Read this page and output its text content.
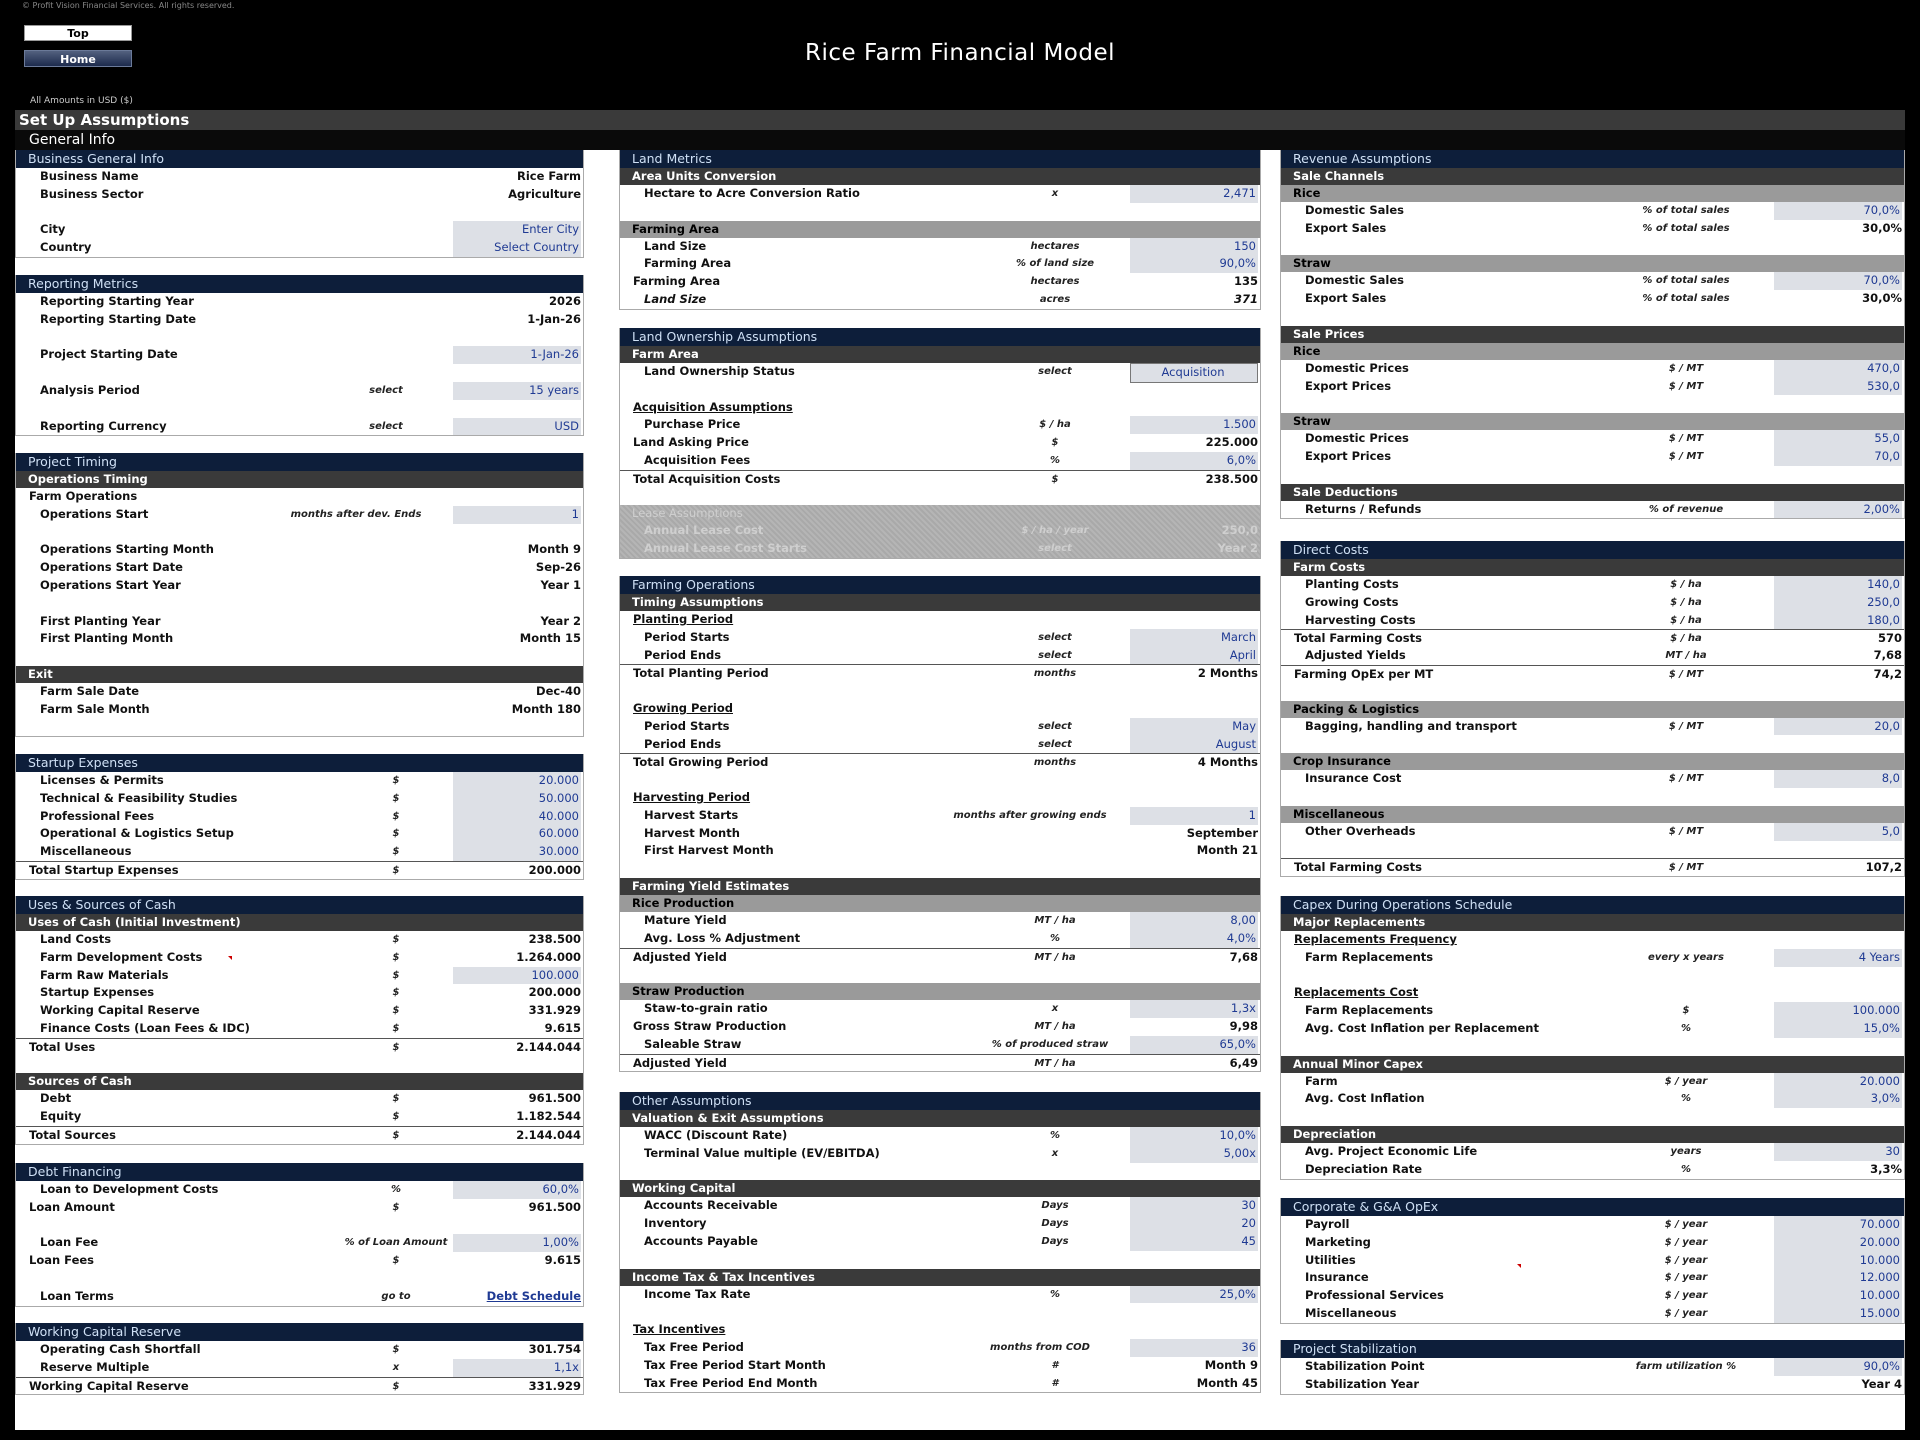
© Profit Vision Financial Services. All rights reserved.
Top
Home	Rice Farm Financial Model
All Amounts in USD ($)
Set Up Assumptions
General Info
Business General Info
Business Name	Rice Farm
Business Sector	Agriculture
City	Enter City
Country	Select Country
Reporting Metrics
Reporting Starting Year	2026
Reporting Starting Date	1-Jan-26
Project Starting Date	1-Jan-26
Analysis Period	select	15 years
Reporting Currency	select	USD
Project Timing
Operations Timing
Farm Operations
Operations Start	months after dev. Ends	1
Operations Starting Month	Month 9
Operations Start Date	Sep-26
Operations Start Year	Year 1
First Planting Year	Year 2
First Planting Month	Month 15
Exit
Farm Sale Date	Dec-40
Farm Sale Month	Month 180
Startup Expenses
Licenses & Permits	$	20.000
Technical & Feasibility Studies	$	50.000
Professional Fees	$	40.000
Operational & Logistics Setup	$	60.000
Miscellaneous	$	30.000
Total Startup Expenses	$	200.000
Uses & Sources of Cash
Uses of Cash (Initial Investment)
Land Costs	$	238.500
Farm Development Costs	$	1.264.000
Farm Raw Materials	$	100.000
Startup Expenses	$	200.000
Working Capital Reserve	$	331.929
Finance Costs (Loan Fees & IDC)	$	9.615
Total Uses	$	2.144.044
Sources of Cash
Debt	$	961.500
Equity	$	1.182.544
Total Sources	$	2.144.044
Debt Financing
Loan to Development Costs	%	60,0%
Loan Amount	$	961.500
Loan Fee	% of Loan Amount	1,00%
Loan Fees	$	9.615
Loan Terms	go to	Debt Schedule
Working Capital Reserve
Operating Cash Shortfall	$	301.754
Reserve Multiple	x	1,1x
Working Capital Reserve	$	331.929
Land Metrics
Area Units Conversion
Hectare to Acre Conversion Ratio	x	2,471
Farming Area
Land Size	hectares	150
Farming Area	% of land size	90,0%
Farming Area	hectares	135
Land Size	acres	371
Land Ownership Assumptions
Farm Area
Land Ownership Status	select	Acquisition
Acquisition Assumptions
Purchase Price	$ / ha	1.500
Land Asking Price	$	225.000
Acquisition Fees	%	6,0%
Total Acquisition Costs	$	238.500
Lease Assumptions
Annual Lease Cost	$ / ha / year	250,0
Annual Lease Cost Starts	select	Year 2
Farming Operations
Timing Assumptions
Planting Period
Period Starts	select	March
Period Ends	select	April
Total Planting Period	months	2 Months
Growing Period
Period Starts	select	May
Period Ends	select	August
Total Growing Period	months	4 Months
Harvesting Period
Harvest Starts	months after growing ends	1
Harvest Month	September
First Harvest Month	Month 21
Farming Yield Estimates
Rice Production
Mature Yield	MT / ha	8,00
Avg. Loss % Adjustment	%	4,0%
Adjusted Yield	MT / ha	7,68
Straw Production
Staw-to-grain ratio	x	1,3x
Gross Straw Production	MT / ha	9,98
Saleable Straw	% of produced straw	65,0%
Adjusted Yield	MT / ha	6,49
Other Assumptions
Valuation & Exit Assumptions
WACC (Discount Rate)	%	10,0%
Terminal Value multiple (EV/EBITDA)	x	5,00x
Working Capital
Accounts Receivable	Days	30
Inventory	Days	20
Accounts Payable	Days	45
Income Tax & Tax Incentives
Income Tax Rate	%	25,0%
Tax Incentives
Tax Free Period	months from COD	36
Tax Free Period Start Month	#	Month 9
Tax Free Period End Month	#	Month 45
Revenue Assumptions
Sale Channels
Rice
Domestic Sales	% of total sales	70,0%
Export Sales	% of total sales	30,0%
Straw
Domestic Sales	% of total sales	70,0%
Export Sales	% of total sales	30,0%
Sale Prices
Rice
Domestic Prices	$ / MT	470,0
Export Prices	$ / MT	530,0
Straw
Domestic Prices	$ / MT	55,0
Export Prices	$ / MT	70,0
Sale Deductions
Returns / Refunds	% of revenue	2,00%
Direct Costs
Farm Costs
Planting Costs	$ / ha	140,0
Growing Costs	$ / ha	250,0
Harvesting Costs	$ / ha	180,0
Total Farming Costs	$ / ha	570
Adjusted Yields	MT / ha	7,68
Farming OpEx per MT	$ / MT	74,2
Packing & Logistics
Bagging, handling and transport	$ / MT	20,0
Crop Insurance
Insurance Cost	$ / MT	8,0
Miscellaneous
Other Overheads	$ / MT	5,0
Total Farming Costs	$ / MT	107,2
Capex During Operations Schedule
Major Replacements
Replacements Frequency
Farm Replacements	every x years	4 Years
Replacements Cost
Farm Replacements	$	100.000
Avg. Cost Inflation per Replacement	%	15,0%
Annual Minor Capex
Farm	$ / year	20.000
Avg. Cost Inflation	%	3,0%
Depreciation
Avg. Project Economic Life	years	30
Depreciation Rate	%	3,3%
Corporate & G&A OpEx
Payroll	$ / year	70.000
Marketing	$ / year	20.000
Utilities	$ / year	10.000
Insurance	$ / year	12.000
Professional Services	$ / year	10.000
Miscellaneous	$ / year	15.000
Project Stabilization
Stabilization Point	farm utilization %	90,0%
Stabilization Year	Year 4
